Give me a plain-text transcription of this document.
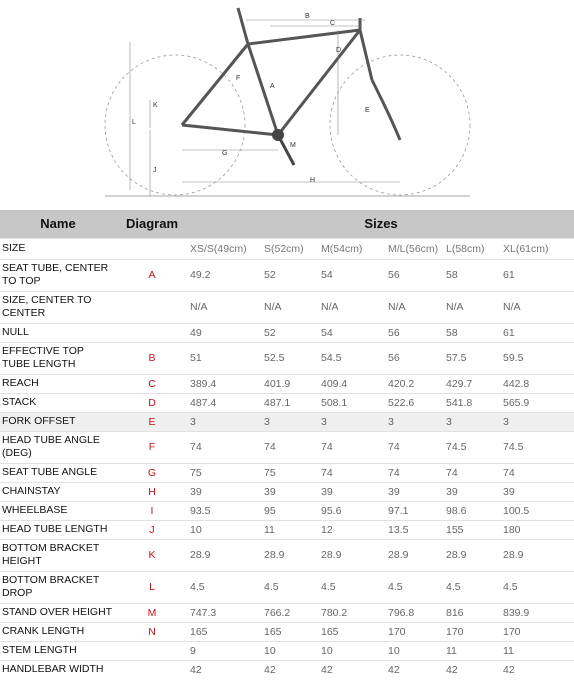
B
C
D
A
F
E
G
H
K
L
J
M
Name	Diagram	Sizes					
SIZE		XS/S(49cm)	S(52cm)	M(54cm)	M/L(56cm)	L(58cm)	XL(61cm)
SEAT TUBE, CENTER TO TOP	A	49.2	52	54	56	58	61
SIZE, CENTER TO CENTER		N/A	N/A	N/A	N/A	N/A	N/A
NULL		49	52	54	56	58	61
EFFECTIVE TOP TUBE LENGTH	B	51	52.5	54.5	56	57.5	59.5
REACH	C	389.4	401.9	409.4	420.2	429.7	442.8
STACK	D	487.4	487.1	508.1	522.6	541.8	565.9
FORK OFFSET	E	3	3	3	3	3	3
HEAD TUBE ANGLE (DEG)	F	74	74	74	74	74.5	74.5
SEAT TUBE ANGLE	G	75	75	74	74	74	74
CHAINSTAY	H	39	39	39	39	39	39
WHEELBASE	I	93.5	95	95.6	97.1	98.6	100.5
HEAD TUBE LENGTH	J	10	11	12	13.5	155	180
BOTTOM BRACKET HEIGHT	K	28.9	28.9	28.9	28.9	28.9	28.9
BOTTOM BRACKET DROP	L	4.5	4.5	4.5	4.5	4.5	4.5
STAND OVER HEIGHT	M	747.3	766.2	780.2	796.8	816	839.9
CRANK LENGTH	N	165	165	165	170	170	170
STEM LENGTH		9	10	10	10	11	11
HANDLEBAR WIDTH		42	42	42	42	42	42
